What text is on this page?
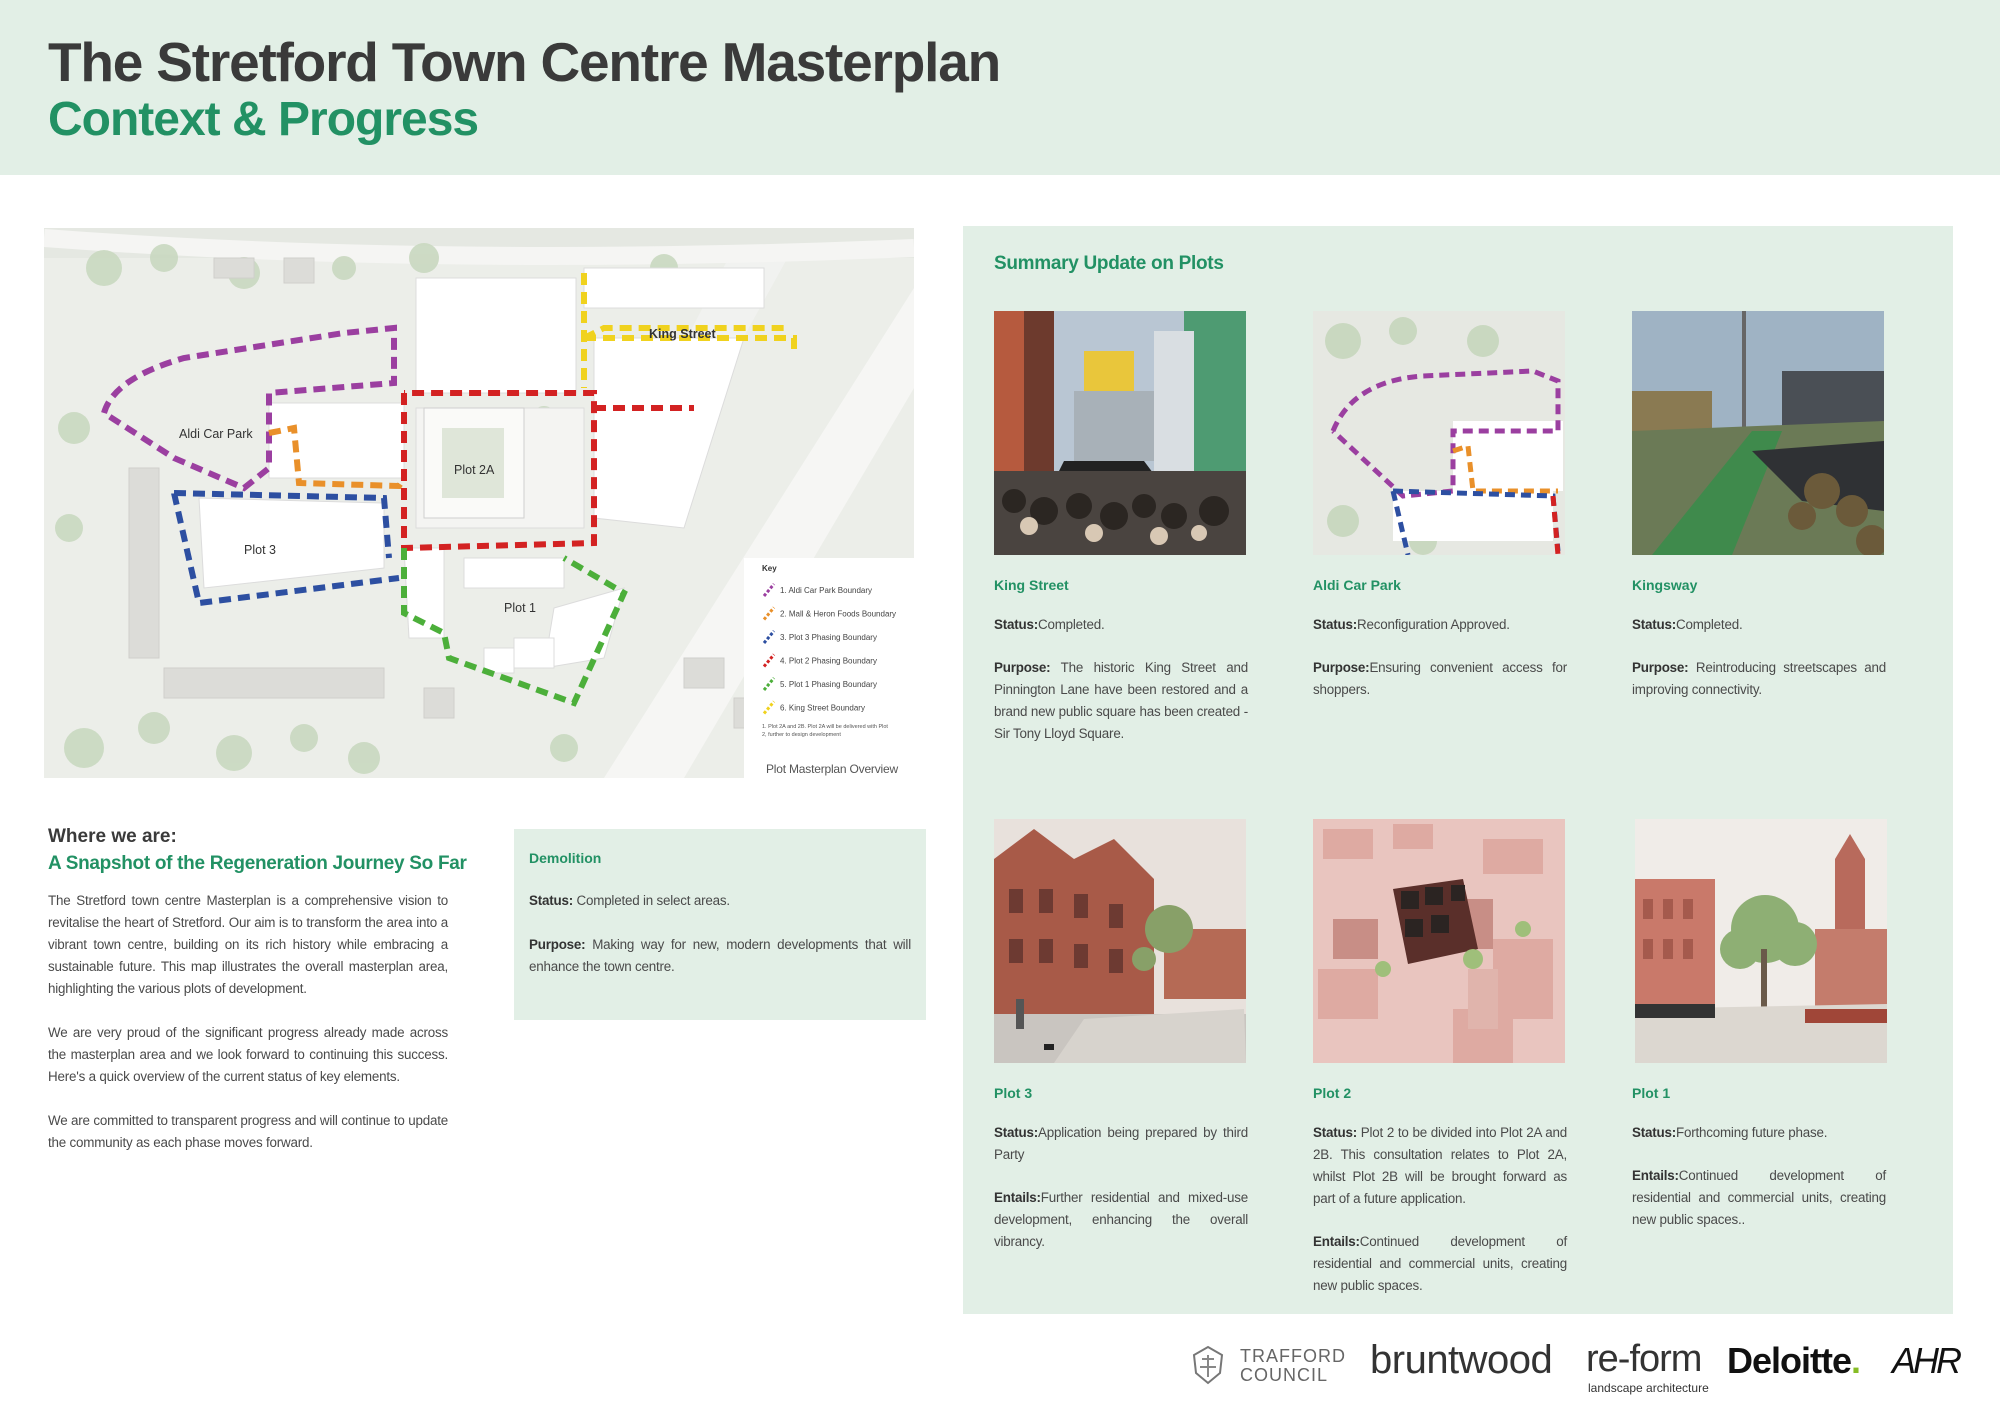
The Stretford Town Centre Masterplan
Context & Progress
Aldi Car Park
Plot 2A
Plot 3
Plot 1
King Street
Key
1. Aldi Car Park Boundary
2. Mall & Heron Foods Boundary
3. Plot 3 Phasing Boundary
4. Plot 2 Phasing Boundary
5. Plot 1 Phasing Boundary
6. King Street Boundary
1. Plot 2A and 2B. Plot 2A will be delivered with Plot
2, further to design development
Plot Masterplan Overview
Where we are:
A Snapshot of the Regeneration Journey So Far
The Stretford town centre Masterplan is a comprehensive vision to revitalise the heart of Stretford. Our aim is to transform the area into a vibrant town centre, building on its rich history while embracing a sustainable future. This map illustrates the overall masterplan area, highlighting the various plots of development.
We are very proud of the significant progress already made across the masterplan area and we look forward to continuing this success. Here's a quick overview of the current status of key elements.
We are committed to transparent progress and will continue to update the community as each phase moves forward.
Demolition
Status: Completed in select areas.
Purpose: Making way for new, modern developments that will enhance the town centre.
Summary Update on Plots
King Street
Status:Completed.
Purpose: The historic King Street and Pinnington Lane have been restored and a brand new public square has been created - Sir Tony Lloyd Square.
Aldi Car Park
Status:Reconfiguration Approved.
Purpose:Ensuring convenient access for shoppers.
Kingsway
Status:Completed.
Purpose: Reintroducing streetscapes and improving connectivity.
Plot 3
Status:Application being prepared by third Party
Entails:Further residential and mixed-use development, enhancing the overall vibrancy.
Plot 2
Status: Plot 2 to be divided into Plot 2A and 2B. This consultation relates to Plot 2A, whilst Plot 2B will be brought forward as part of a future application.
Entails:Continued development of residential and commercial units, creating new public spaces.
Plot 1
Status:Forthcoming future phase.
Entails:Continued development of residential and commercial units, creating new public spaces..
TRAFFORD
COUNCIL	bruntwood re-form
landscape architecture
Deloitte. AHR
